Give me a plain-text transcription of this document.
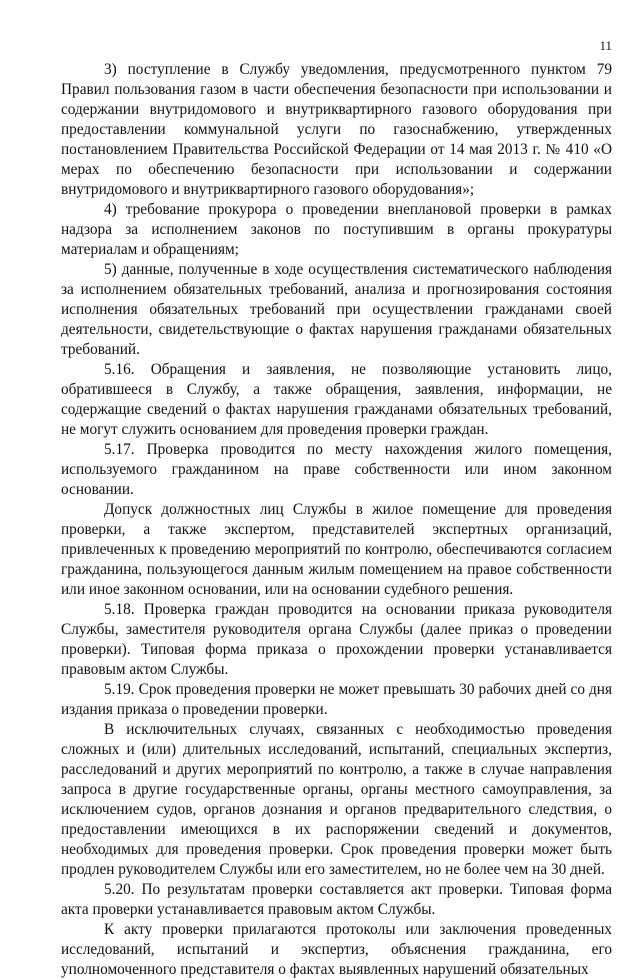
11

3) поступление в Службу уведомления, предусмотренного пунктом 79 Правил пользования газом в части обеспечения безопасности при использовании и содержании внутридомового и внутриквартирного газового оборудования при предоставлении коммунальной услуги по газоснабжению, утвержденных постановлением Правительства Российской Федерации от 14 мая 2013 г. № 410 «О мерах по обеспечению безопасности при использовании и содержании внутридомового и внутриквартирного газового оборудования»;

4) требование прокурора о проведении внеплановой проверки в рамках надзора за исполнением законов по поступившим в органы прокуратуры материалам и обращениям;

5) данные, полученные в ходе осуществления систематического наблюдения за исполнением обязательных требований, анализа и прогнозирования состояния исполнения обязательных требований при осуществлении гражданами своей деятельности, свидетельствующие о фактах нарушения гражданами обязательных требований.

5.16. Обращения и заявления, не позволяющие установить лицо, обратившееся в Службу, а также обращения, заявления, информации, не содержащие сведений о фактах нарушения гражданами обязательных требований, не могут служить основанием для проведения проверки граждан.

5.17. Проверка проводится по месту нахождения жилого помещения, используемого гражданином на праве собственности или ином законном основании.

Допуск должностных лиц Службы в жилое помещение для проведения проверки, а также экспертом, представителей экспертных организаций, привлеченных к проведению мероприятий по контролю, обеспечиваются согласием гражданина, пользующегося данным жилым помещением на правое собственности или иное законном основании, или на основании судебного решения.

5.18. Проверка граждан проводится на основании приказа руководителя Службы, заместителя руководителя органа Службы (далее приказ о проведении проверки). Типовая форма приказа о прохождении проверки устанавливается правовым актом Службы.

5.19. Срок проведения проверки не может превышать 30 рабочих дней со дня издания приказа о проведении проверки.

В исключительных случаях, связанных с необходимостью проведения сложных и (или) длительных исследований, испытаний, специальных экспертиз, расследований и других мероприятий по контролю, а также в случае направления запроса в другие государственные органы, органы местного самоуправления, за исключением судов, органов дознания и органов предварительного следствия, о предоставлении имеющихся в их распоряжении сведений и документов, необходимых для проведения проверки. Срок проведения проверки может быть продлен руководителем Службы или его заместителем, но не более чем на 30 дней.

5.20. По результатам проверки составляется акт проверки. Типовая форма акта проверки устанавливается правовым актом Службы.

К акту проверки прилагаются протоколы или заключения проведенных исследований, испытаний и экспертиз, объяснения гражданина, его уполномоченного представителя о фактах выявленных нарушений обязательных
